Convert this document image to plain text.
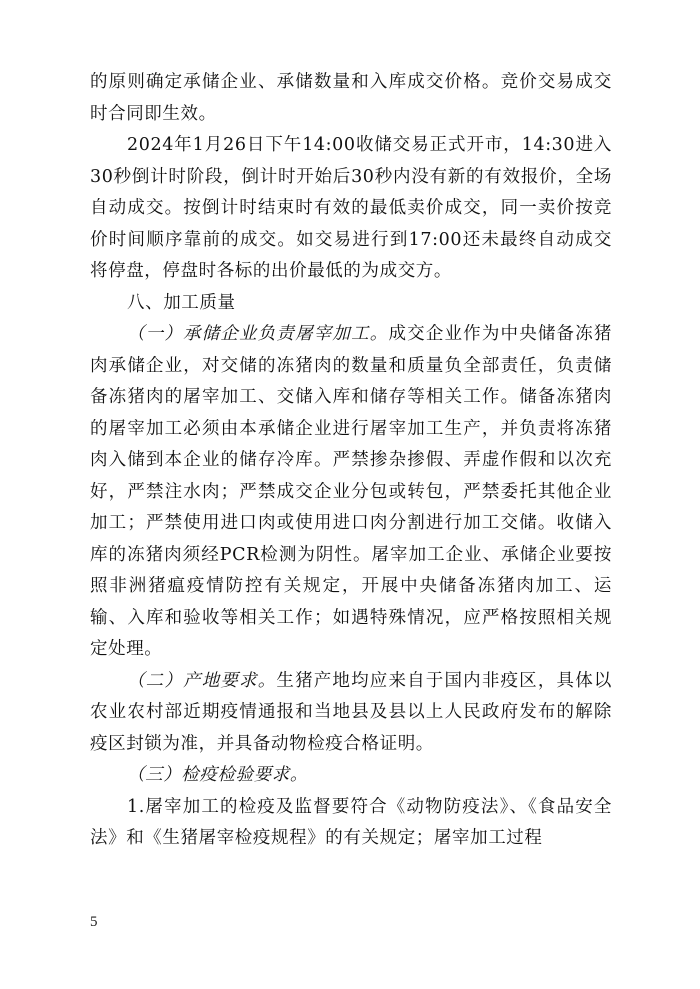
的原则确定承储企业、承储数量和入库成交价格。竞价交易成交时合同即生效。

2024年1月26日下午14:00收储交易正式开市，14:30进入30秒倒计时阶段，倒计时开始后30秒内没有新的有效报价，全场自动成交。按倒计时结束时有效的最低卖价成交，同一卖价按竞价时间顺序靠前的成交。如交易进行到17:00还未最终自动成交将停盘，停盘时各标的出价最低的为成交方。

八、加工质量

（一）承储企业负责屠宰加工。成交企业作为中央储备冻猪肉承储企业，对交储的冻猪肉的数量和质量负全部责任，负责储备冻猪肉的屠宰加工、交储入库和储存等相关工作。储备冻猪肉的屠宰加工必须由本承储企业进行屠宰加工生产，并负责将冻猪肉入储到本企业的储存冷库。严禁掺杂掺假、弄虚作假和以次充好，严禁注水肉；严禁成交企业分包或转包，严禁委托其他企业加工；严禁使用进口肉或使用进口肉分割进行加工交储。收储入库的冻猪肉须经PCR检测为阴性。屠宰加工企业、承储企业要按照非洲猪瘟疫情防控有关规定，开展中央储备冻猪肉加工、运输、入库和验收等相关工作；如遇特殊情况，应严格按照相关规定处理。

（二）产地要求。生猪产地均应来自于国内非疫区，具体以农业农村部近期疫情通报和当地县及县以上人民政府发布的解除疫区封锁为准，并具备动物检疫合格证明。

（三）检疫检验要求。

1.屠宰加工的检疫及监督要符合《动物防疫法》、《食品安全法》和《生猪屠宰检疫规程》的有关规定；屠宰加工过程

5
